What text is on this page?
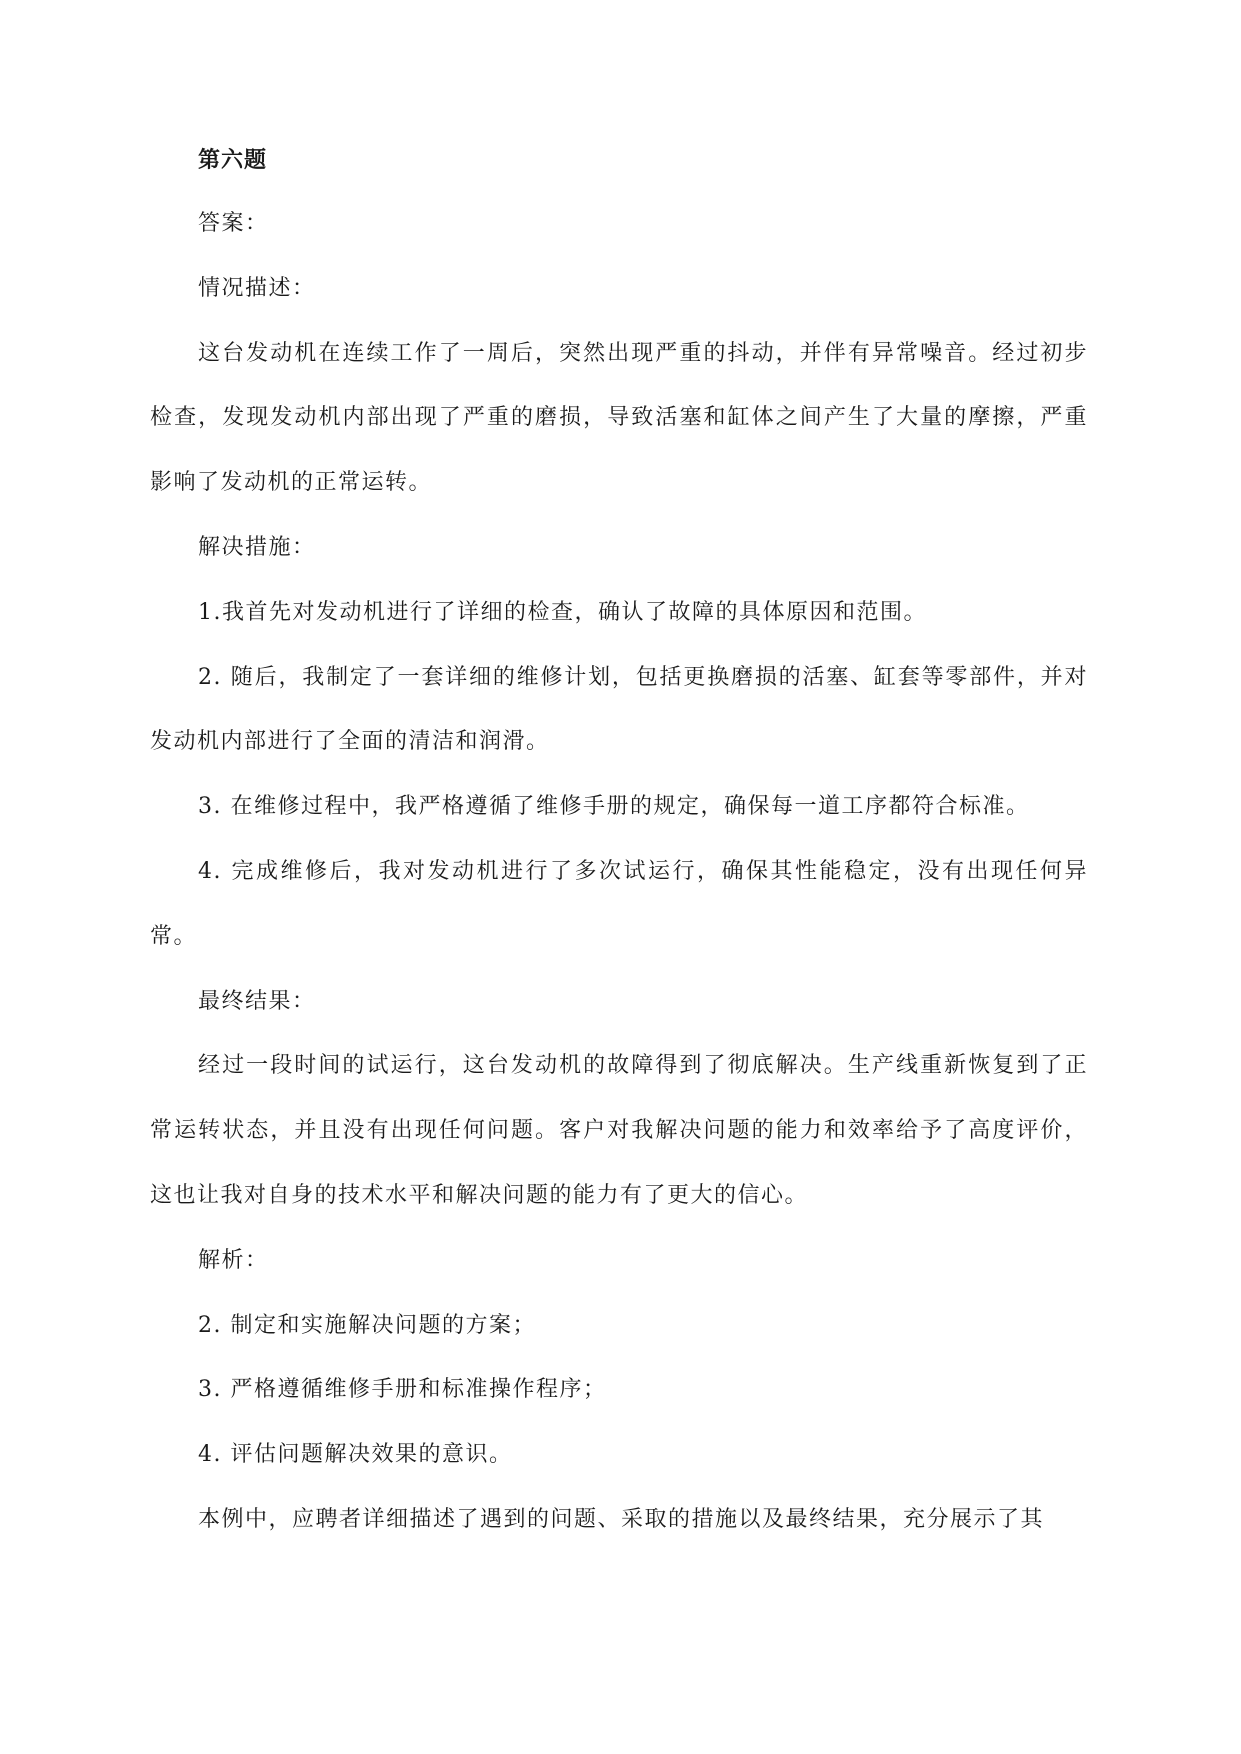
第六题

答案：

情况描述：

这台发动机在连续工作了一周后，突然出现严重的抖动，并伴有异常噪音。经过初步检查，发现发动机内部出现了严重的磨损，导致活塞和缸体之间产生了大量的摩擦，严重影响了发动机的正常运转。

解决措施：

1.我首先对发动机进行了详细的检查，确认了故障的具体原因和范围。

2. 随后，我制定了一套详细的维修计划，包括更换磨损的活塞、缸套等零部件，并对发动机内部进行了全面的清洁和润滑。

3. 在维修过程中，我严格遵循了维修手册的规定，确保每一道工序都符合标准。

4. 完成维修后，我对发动机进行了多次试运行，确保其性能稳定，没有出现任何异常。

最终结果：

经过一段时间的试运行，这台发动机的故障得到了彻底解决。生产线重新恢复到了正常运转状态，并且没有出现任何问题。客户对我解决问题的能力和效率给予了高度评价，这也让我对自身的技术水平和解决问题的能力有了更大的信心。

解析：

2. 制定和实施解决问题的方案；

3. 严格遵循维修手册和标准操作程序；

4. 评估问题解决效果的意识。

本例中，应聘者详细描述了遇到的问题、采取的措施以及最终结果，充分展示了其
